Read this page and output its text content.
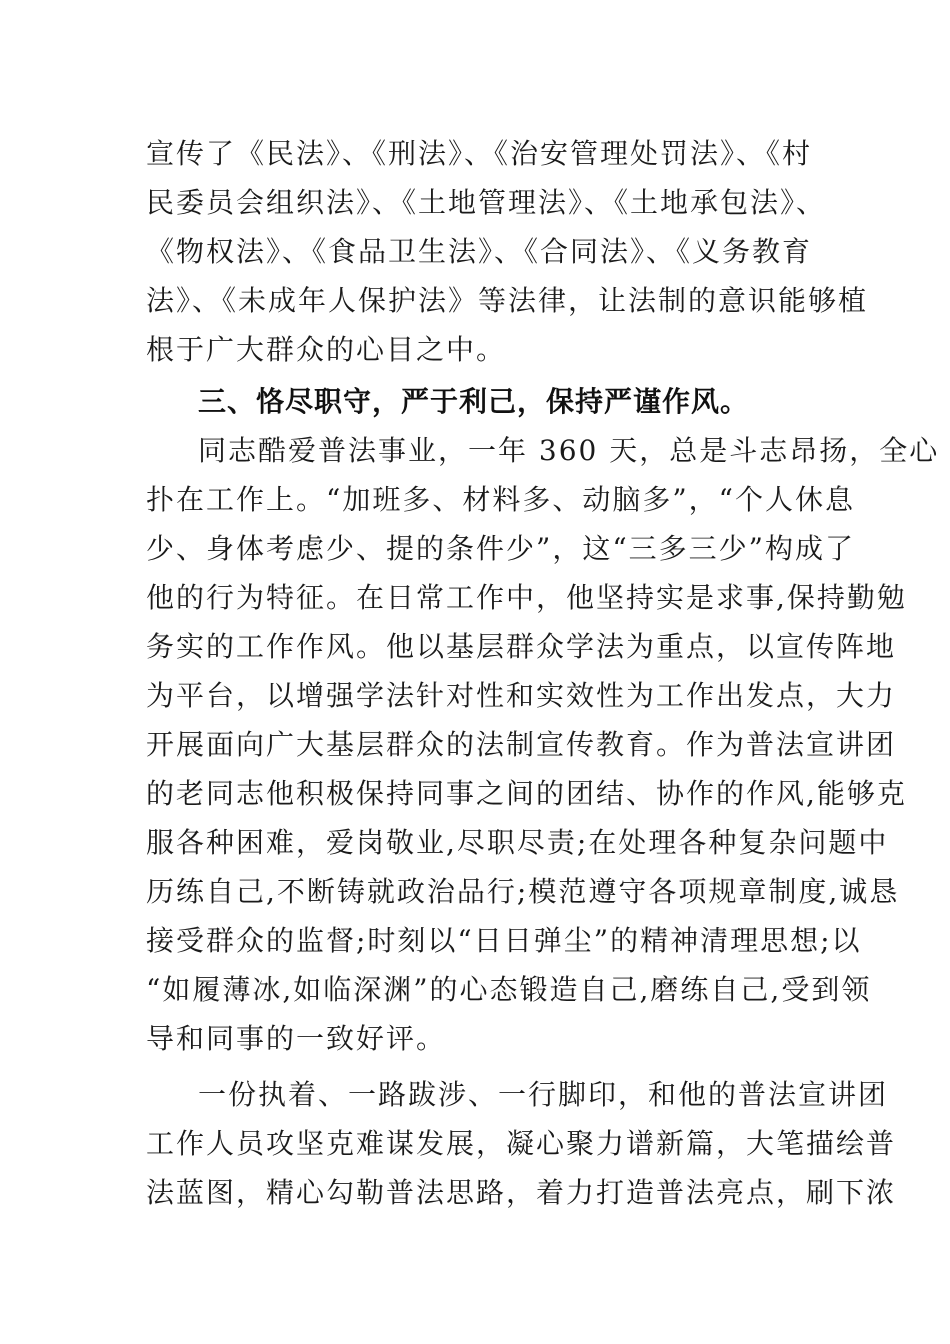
宣传了《民法》、《刑法》、《治安管理处罚法》、《村
民委员会组织法》、《土地管理法》、《土地承包法》、
《物权法》、《食品卫生法》、《合同法》、《义务教育
法》、《未成年人保护法》等法律，让法制的意识能够植
根于广大群众的心目之中。
三、恪尽职守，严于利己，保持严谨作风。
同志酷爱普法事业，一年 360 天，总是斗志昂扬，全心
扑在工作上。“加班多、材料多、动脑多”，“个人休息
少、身体考虑少、提的条件少”，这“三多三少”构成了
他的行为特征。在日常工作中，他坚持实是求事,保持勤勉
务实的工作作风。他以基层群众学法为重点，以宣传阵地
为平台，以增强学法针对性和实效性为工作出发点，大力
开展面向广大基层群众的法制宣传教育。作为普法宣讲团
的老同志他积极保持同事之间的团结、协作的作风,能够克
服各种困难，爱岗敬业,尽职尽责;在处理各种复杂问题中
历练自己,不断铸就政治品行;模范遵守各项规章制度,诚恳
接受群众的监督;时刻以“日日弹尘”的精神清理思想;以
“如履薄冰,如临深渊”的心态锻造自己,磨练自己,受到领
导和同事的一致好评。
一份执着、一路跋涉、一行脚印，和他的普法宣讲团
工作人员攻坚克难谋发展，凝心聚力谱新篇，大笔描绘普
法蓝图，精心勾勒普法思路，着力打造普法亮点，刷下浓
